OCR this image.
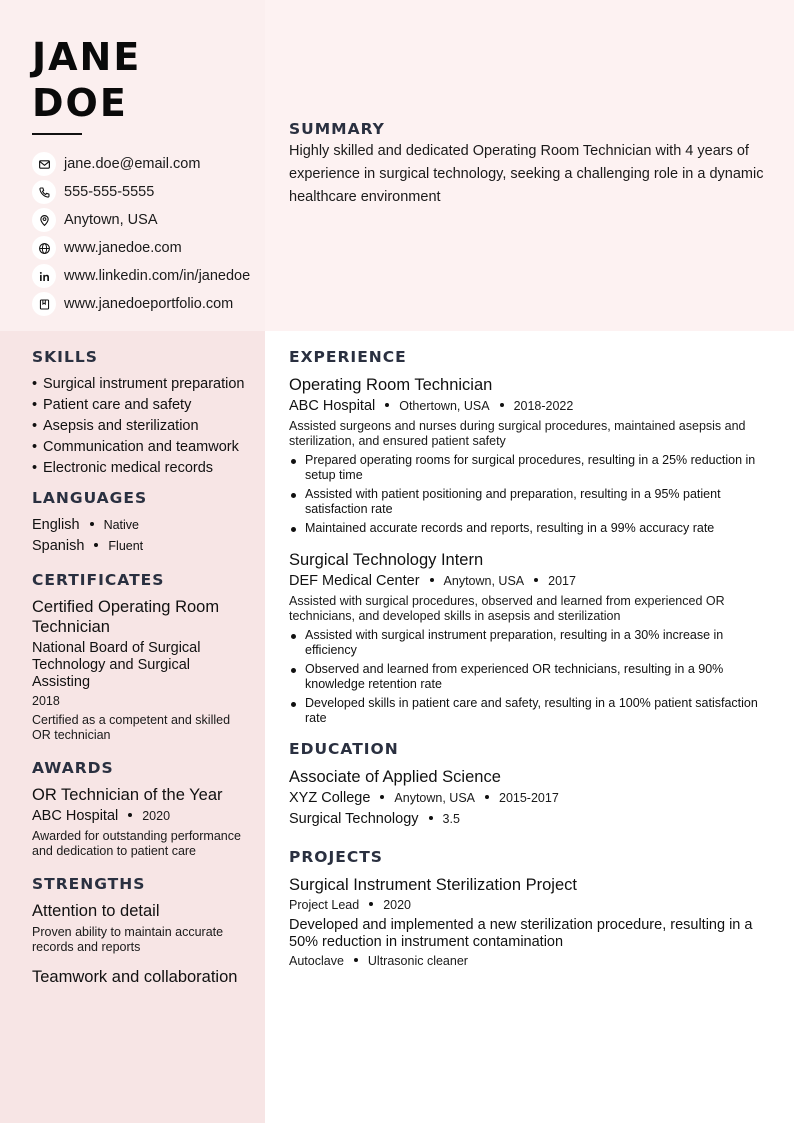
JANE
DOE
jane.doe@email.com
555-555-5555
Anytown, USA
www.janedoe.com
www.linkedin.com/in/janedoe
www.janedoeportfolio.com
SUMMARY

Highly skilled and dedicated Operating Room Technician with 4 years of experience in surgical technology, seeking a challenging role in a dynamic healthcare environment

SKILLS
• Surgical instrument preparation
• Patient care and safety
• Asepsis and sterilization
• Communication and teamwork
• Electronic medical records
LANGUAGES
English Native
Spanish Fluent
CERTIFICATES
Certified Operating Room Technician
National Board of Surgical Technology and Surgical Assisting
2018
Certified as a competent and skilled OR technician
AWARDS
OR Technician of the Year
ABC Hospital 2020
Awarded for outstanding performance and dedication to patient care
STRENGTHS
Attention to detail
Proven ability to maintain accurate records and reports
Teamwork and collaboration
EXPERIENCE
Operating Room Technician
ABC Hospital Othertown, USA 2018-2022
Assisted surgeons and nurses during surgical procedures, maintained asepsis and sterilization, and ensured patient safety
Prepared operating rooms for surgical procedures, resulting in a 25% reduction in setup time
Assisted with patient positioning and preparation, resulting in a 95% patient satisfaction rate
Maintained accurate records and reports, resulting in a 99% accuracy rate
Surgical Technology Intern
DEF Medical Center Anytown, USA 2017
Assisted with surgical procedures, observed and learned from experienced OR technicians, and developed skills in asepsis and sterilization
Assisted with surgical instrument preparation, resulting in a 30% increase in efficiency
Observed and learned from experienced OR technicians, resulting in a 90% knowledge retention rate
Developed skills in patient care and safety, resulting in a 100% patient satisfaction rate
EDUCATION
Associate of Applied Science
XYZ College Anytown, USA 2015-2017
Surgical Technology 3.5
PROJECTS
Surgical Instrument Sterilization Project
Project Lead 2020
Developed and implemented a new sterilization procedure, resulting in a 50% reduction in instrument contamination
Autoclave Ultrasonic cleaner
